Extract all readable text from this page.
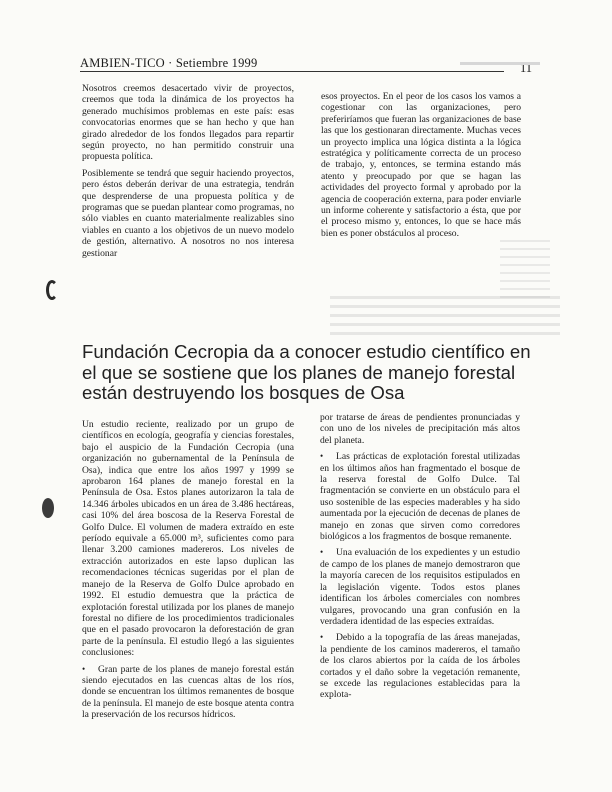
AMBIEN-TICO · Setiembre 1999	11

Nosotros creemos desacertado vivir de proyectos, creemos que toda la dinámica de los proyectos ha generado muchísimos problemas en este país: esas convocatorias enormes que se han hecho y que han girado alrededor de los fondos llegados para repartir según proyecto, no han permitido construir una propuesta política.

Posiblemente se tendrá que seguir haciendo proyectos, pero éstos deberán derivar de una estrategia, tendrán que desprenderse de una propuesta política y de programas que se puedan plantear como programas, no sólo viables en cuanto materialmente realizables sino viables en cuanto a los objetivos de un nuevo modelo de gestión, alternativo. A nosotros no nos interesa gestionar

esos proyectos. En el peor de los casos los vamos a cogestionar con las organizaciones, pero preferiríamos que fueran las organizaciones de base las que los gestionaran directamente. Muchas veces un proyecto implica una lógica distinta a la lógica estratégica y políticamente correcta de un proceso de trabajo, y, entonces, se termina estando más atento y preocupado por que se hagan las actividades del proyecto formal y aprobado por la agencia de cooperación externa, para poder enviarle un informe coherente y satisfactorio a ésta, que por el proceso mismo y, entonces, lo que se hace más bien es poner obstáculos al proceso.

Fundación Cecropia da a conocer estudio científico en el que se sostiene que los planes de manejo forestal están destruyendo los bosques de Osa

Un estudio reciente, realizado por un grupo de científicos en ecología, geografía y ciencias forestales, bajo el auspicio de la Fundación Cecropia (una organización no gubernamental de la Península de Osa), indica que entre los años 1997 y 1999 se aprobaron 164 planes de manejo forestal en la Península de Osa. Estos planes autorizaron la tala de 14.346 árboles ubicados en un área de 3.486 hectáreas, casi 10% del área boscosa de la Reserva Forestal de Golfo Dulce. El volumen de madera extraído en este período equivale a 65.000 m³, suficientes como para llenar 3.200 camiones madereros. Los niveles de extracción autorizados en este lapso duplican las recomendaciones técnicas sugeridas por el plan de manejo de la Reserva de Golfo Dulce aprobado en 1992. El estudio demuestra que la práctica de explotación forestal utilizada por los planes de manejo forestal no difiere de los procedimientos tradicionales que en el pasado provocaron la deforestación de gran parte de la península. El estudio llegó a las siguientes conclusiones:

• Gran parte de los planes de manejo forestal están siendo ejecutados en las cuencas altas de los ríos, donde se encuentran los últimos remanentes de bosque de la península. El manejo de este bosque atenta contra la preservación de los recursos hídricos.

por tratarse de áreas de pendientes pronunciadas y con uno de los niveles de precipitación más altos del planeta.

• Las prácticas de explotación forestal utilizadas en los últimos años han fragmentado el bosque de la reserva forestal de Golfo Dulce. Tal fragmentación se convierte en un obstáculo para el uso sostenible de las especies maderables y ha sido aumentada por la ejecución de decenas de planes de manejo en zonas que sirven como corredores biológicos a los fragmentos de bosque remanente.

• Una evaluación de los expedientes y un estudio de campo de los planes de manejo demostraron que la mayoría carecen de los requisitos estipulados en la legislación vigente. Todos estos planes identifican los árboles comerciales con nombres vulgares, provocando una gran confusión en la verdadera identidad de las especies extraídas.

• Debido a la topografía de las áreas manejadas, la pendiente de los caminos madereros, el tamaño de los claros abiertos por la caída de los árboles cortados y el daño sobre la vegetación remanente, se excede las regulaciones establecidas para la explota-
